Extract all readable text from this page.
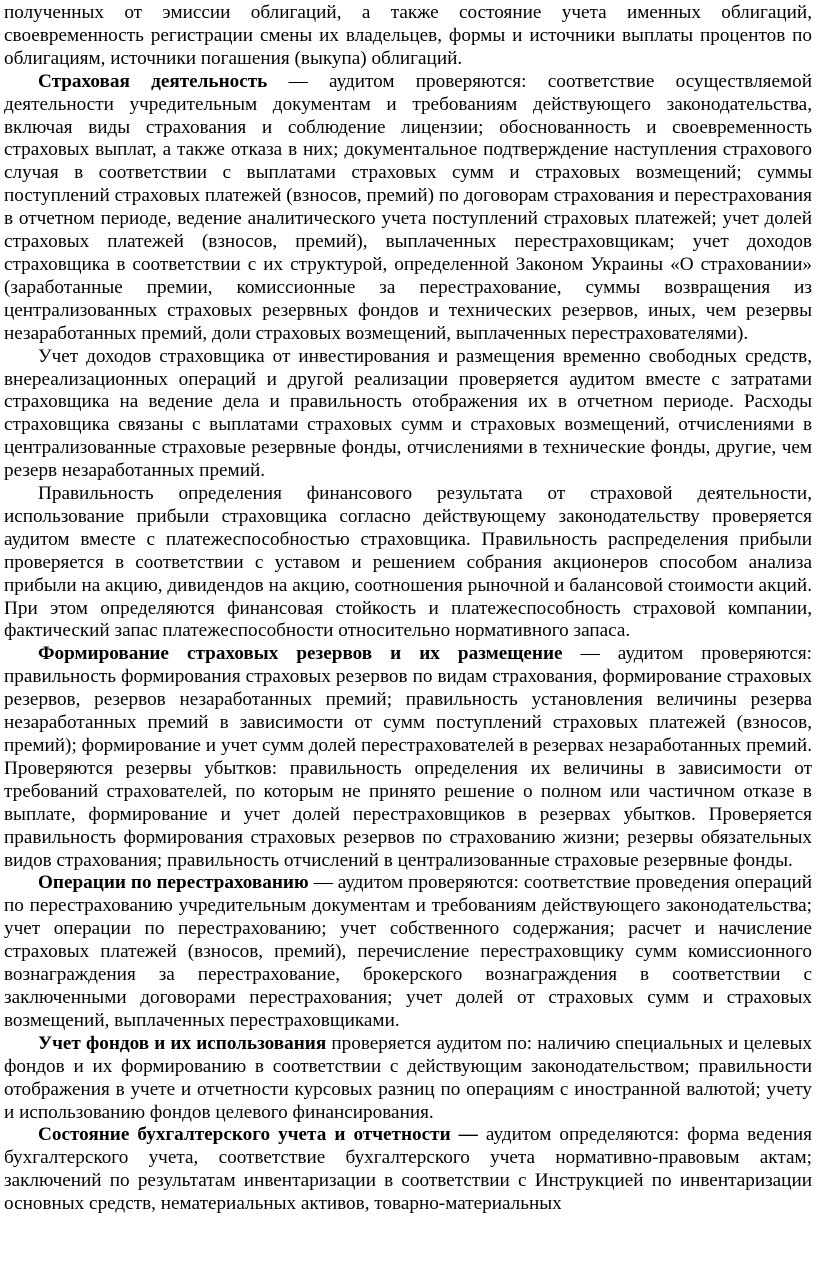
полученных от эмиссии облигаций, а также состояние учета именных облигаций, своевременность регистрации смены их владельцев, формы и источники выплаты процентов по облигациям, источники погашения (выкупа) облигаций.

Страховая деятельность — аудитом проверяются: соответствие осуществляемой деятельности учредительным документам и требованиям действующего законодательства, включая виды страхования и соблюдение лицензии; обоснованность и своевременность страховых выплат, а также отказа в них; документальное подтверждение наступления страхового случая в соответствии с выплатами страховых сумм и страховых возмещений; суммы поступлений страховых платежей (взносов, премий) по договорам страхования и перестрахования в отчетном периоде, ведение аналитического учета поступлений страховых платежей; учет долей страховых платежей (взносов, премий), выплаченных перестраховщикам; учет доходов страховщика в соответствии с их структурой, определенной Законом Украины «О страховании» (заработанные премии, комиссионные за перестрахование, суммы возвращения из централизованных страховых резервных фондов и технических резервов, иных, чем резервы незаработанных премий, доли страховых возмещений, выплаченных перестрахователями).

Учет доходов страховщика от инвестирования и размещения временно свободных средств, внереализационных операций и другой реализации проверяется аудитом вместе с затратами страховщика на ведение дела и правильность отображения их в отчетном периоде. Расходы страховщика связаны с выплатами страховых сумм и страховых возмещений, отчислениями в централизованные страховые резервные фонды, отчислениями в технические фонды, другие, чем резерв незаработанных премий.

Правильность определения финансового результата от страховой деятельности, использование прибыли страховщика согласно действующему законодательству проверяется аудитом вместе с платежеспособностью страховщика. Правильность распределения прибыли проверяется в соответствии с уставом и решением собрания акционеров способом анализа прибыли на акцию, дивидендов на акцию, соотношения рыночной и балансовой стоимости акций. При этом определяются финансовая стойкость и платежеспособность страховой компании, фактический запас платежеспособности относительно нормативного запаса.

Формирование страховых резервов и их размещение — аудитом проверяются: правильность формирования страховых резервов по видам страхования, формирование страховых резервов, резервов незаработанных премий; правильность установления величины резерва незаработанных премий в зависимости от сумм поступлений страховых платежей (взносов, премий); формирование и учет сумм долей перестрахователей в резервах незаработанных премий. Проверяются резервы убытков: правильность определения их величины в зависимости от требований страхователей, по которым не принято решение о полном или частичном отказе в выплате, формирование и учет долей перестраховщиков в резервах убытков. Проверяется правильность формирования страховых резервов по страхованию жизни; резервы обязательных видов страхования; правильность отчислений в централизованные страховые резервные фонды.

Операции по перестрахованию — аудитом проверяются: соответствие проведения операций по перестрахованию учредительным документам и требованиям действующего законодательства; учет операции по перестрахованию; учет собственного содержания; расчет и начисление страховых платежей (взносов, премий), перечисление перестраховщику сумм комиссионного вознаграждения за перестрахование, брокерского вознаграждения в соответствии с заключенными договорами перестрахования; учет долей от страховых сумм и страховых возмещений, выплаченных перестраховщиками.

Учет фондов и их использования проверяется аудитом по: наличию специальных и целевых фондов и их формированию в соответствии с действующим законодательством; правильности отображения в учете и отчетности курсовых разниц по операциям с иностранной валютой; учету и использованию фондов целевого финансирования.

Состояние бухгалтерского учета и отчетности — аудитом определяются: форма ведения бухгалтерского учета, соответствие бухгалтерского учета нормативно-правовым актам; заключений по результатам инвентаризации в соответствии с Инструкцией по инвентаризации основных средств, нематериальных активов, товарно-материальных
